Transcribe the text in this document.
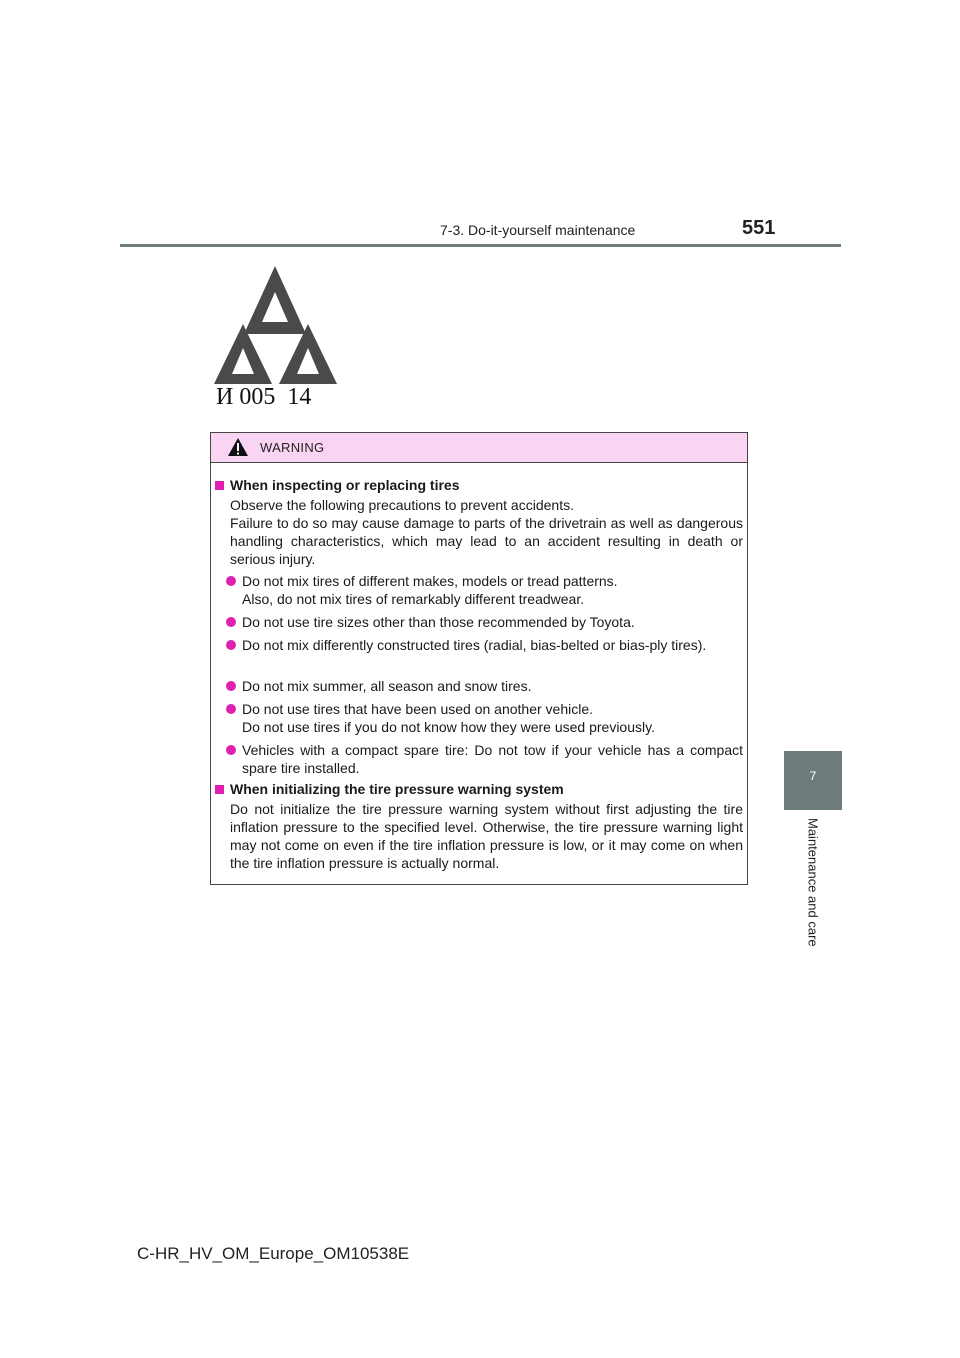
7-3. Do-it-yourself maintenance	551
7
Maintenance and care
И 005  14
WARNING
When inspecting or replacing tires
Observe the following precautions to prevent accidents.
Failure to do so may cause damage to parts of the drivetrain as well as dangerous handling characteristics, which may lead to an accident resulting in death or serious injury.
Do not mix tires of different makes, models or tread patterns.
Also, do not mix tires of remarkably different treadwear.
Do not use tire sizes other than those recommended by Toyota.
Do not mix differently constructed tires (radial, bias-belted or bias-ply tires).
Do not mix summer, all season and snow tires.
Do not use tires that have been used on another vehicle.
Do not use tires if you do not know how they were used previously.
Vehicles with a compact spare tire: Do not tow if your vehicle has a compact spare tire installed.
When initializing the tire pressure warning system
Do not initialize the tire pressure warning system without first adjusting the tire inflation pressure to the specified level. Otherwise, the tire pressure warning light may not come on even if the tire inflation pressure is low, or it may come on when the tire inflation pressure is actually normal.
C-HR_HV_OM_Europe_OM10538E
